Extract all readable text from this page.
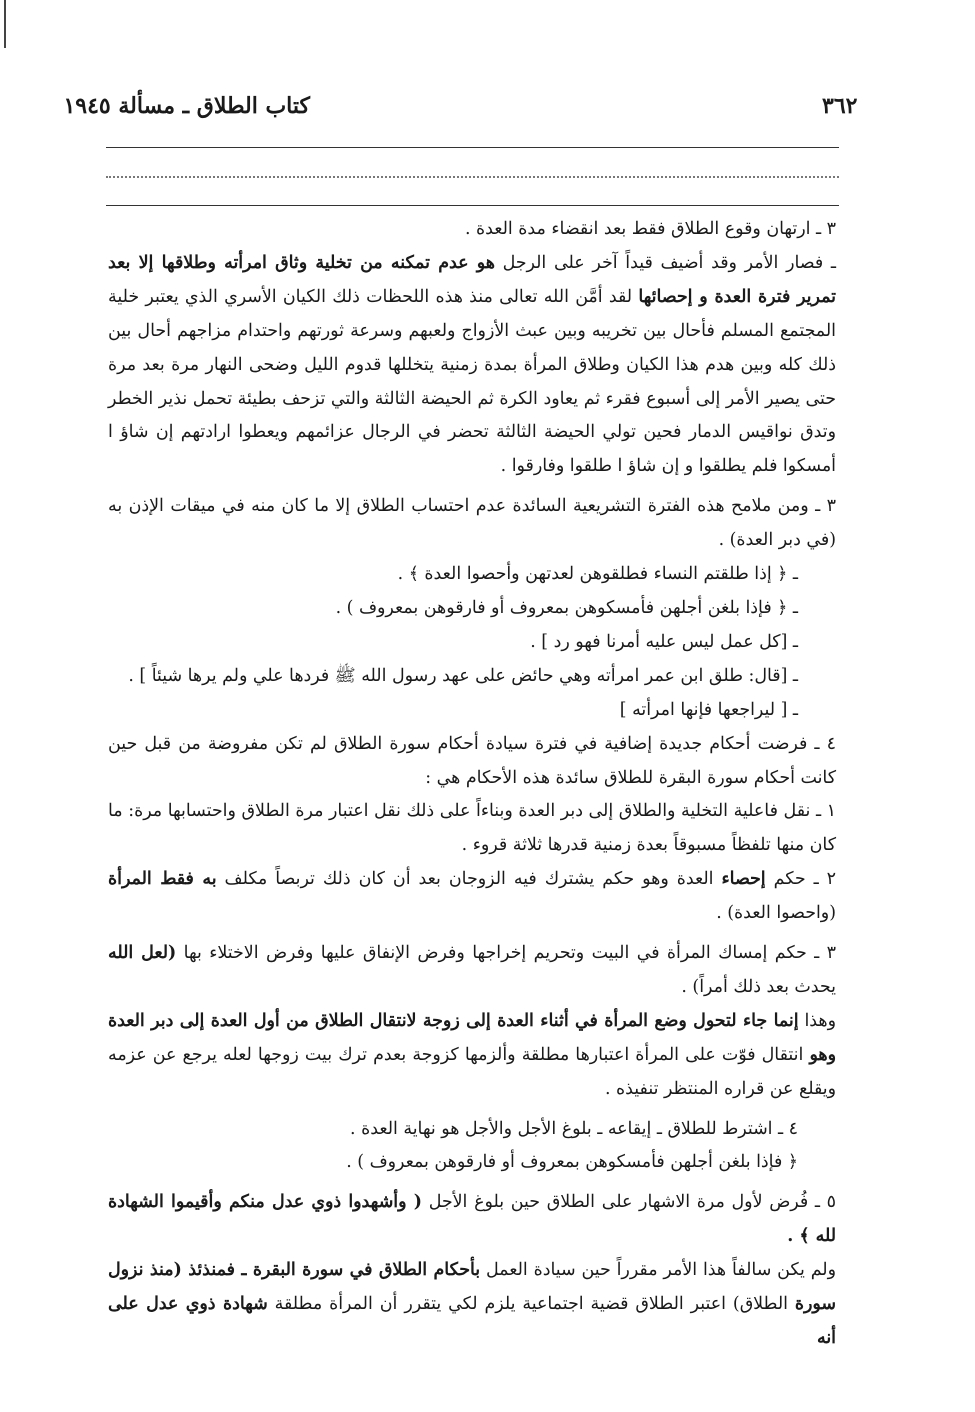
٣٦٢
كتاب الطلاق ـ مسألة ١٩٤٥

٣ ـ ارتهان وقوع الطلاق فقط بعد انقضاء مدة العدة .

ـ فصار الأمر وقد أضيف قيداً آخر على الرجل هو عدم تمكنه من تخلية وثاق امرأته وطلاقها إلا بعد تمرير فترة العدة و إحصائها لقد أمَّن الله تعالى منذ هذه اللحظات ذلك الكيان الأسري الذي يعتبر خلية المجتمع المسلم فأحال بين تخريبه وبين عبث الأزواج ولعبهم وسرعة ثورتهم واحتدام مزاجهم أحال بين ذلك كله وبين هدم هذا الكيان وطلاق المرأة بمدة زمنية يتخللها قدوم الليل وضحى النهار مرة بعد مرة حتى يصير الأمر إلى أسبوع فقرء ثم يعاود الكرة ثم الحيضة الثالثة والتي تزحف بطيئة تحمل نذير الخطر وتدق نواقيس الدمار فحين تولي الحيضة الثالثة تحضر في الرجال عزائمهم ويعطوا ارادتهم إن شاؤ ا أمسكوا فلم يطلقوا و إن شاؤ ا طلقوا وفارقوا .

٣ ـ ومن ملامح هذه الفترة التشريعية السائدة عدم احتساب الطلاق إلا ما كان منه في ميقات الإذن به (في دبر العدة) .

ـ ﴿ إذا طلقتم النساء فطلقوهن لعدتهن وأحصوا العدة ﴾ .

ـ ﴿ فإذا بلغن أجلهن فأمسكوهن بمعروف أو فارقوهن بمعروف ) .

ـ [كل عمل ليس عليه أمرنا فهو رد ] .

ـ [قال: طلق ابن عمر امرأته وهي حائض على عهد رسول الله ﷺ فردها علي ولم يرها شيئاً ] .

ـ [ ليراجعها فإنها امرأته ]

٤ ـ فرضت أحكام جديدة إضافية في فترة سيادة أحكام سورة الطلاق لم تكن مفروضة من قبل حين كانت أحكام سورة البقرة للطلاق سائدة هذه الأحكام هي :

١ ـ نقل فاعلية التخلية والطلاق إلى دبر العدة وبناءاً على ذلك نقل اعتبار مرة الطلاق واحتسابها مرة: ما كان منها تلفظاً مسبوقاً بعدة زمنية قدرها ثلاثة قروء .

٢ ـ حكم إحصاء العدة وهو حكم يشترك فيه الزوجان بعد أن كان ذلك تربصاً مكلف به فقط المرأة (واحصوا العدة) .

٣ ـ حكم إمساك المرأة في البيت وتحريم إخراجها وفرض الإنفاق عليها وفرض الاختلاء بها (لعل الله يحدث بعد ذلك أمراً) .

وهذا إنما جاء لتحول وضع المرأة في أثناء العدة إلى زوجة لانتقال الطلاق من أول العدة إلى دبر العدة وهو انتقال فوّت على المرأة اعتبارها مطلقة وألزمها كزوجة بعدم ترك بيت زوجها لعله يرجع عن عزمه ويقلع عن قراره المنتظر تنفيذه .

٤ ـ اشترط للطلاق ـ إيقاعه ـ بلوغ الأجل والأجل هو نهاية العدة .

﴿ فإذا بلغن أجلهن فأمسكوهن بمعروف أو فارقوهن بمعروف ) .

٥ ـ فُرض لأول مرة الاشهار على الطلاق حين بلوغ الأجل ( وأشهدوا ذوي عدل منكم وأقيموا الشهادة لله ﴾ .

ولم يكن سالفاً هذا الأمر مقرراً حين سيادة العمل بأحكام الطلاق في سورة البقرة ـ فمنذئذ (منذ نزول سورة الطلاق) اعتبر الطلاق قضية اجتماعية يلزم لكي يتقرر أن المرأة مطلقة شهادة ذوي عدل على أنه
